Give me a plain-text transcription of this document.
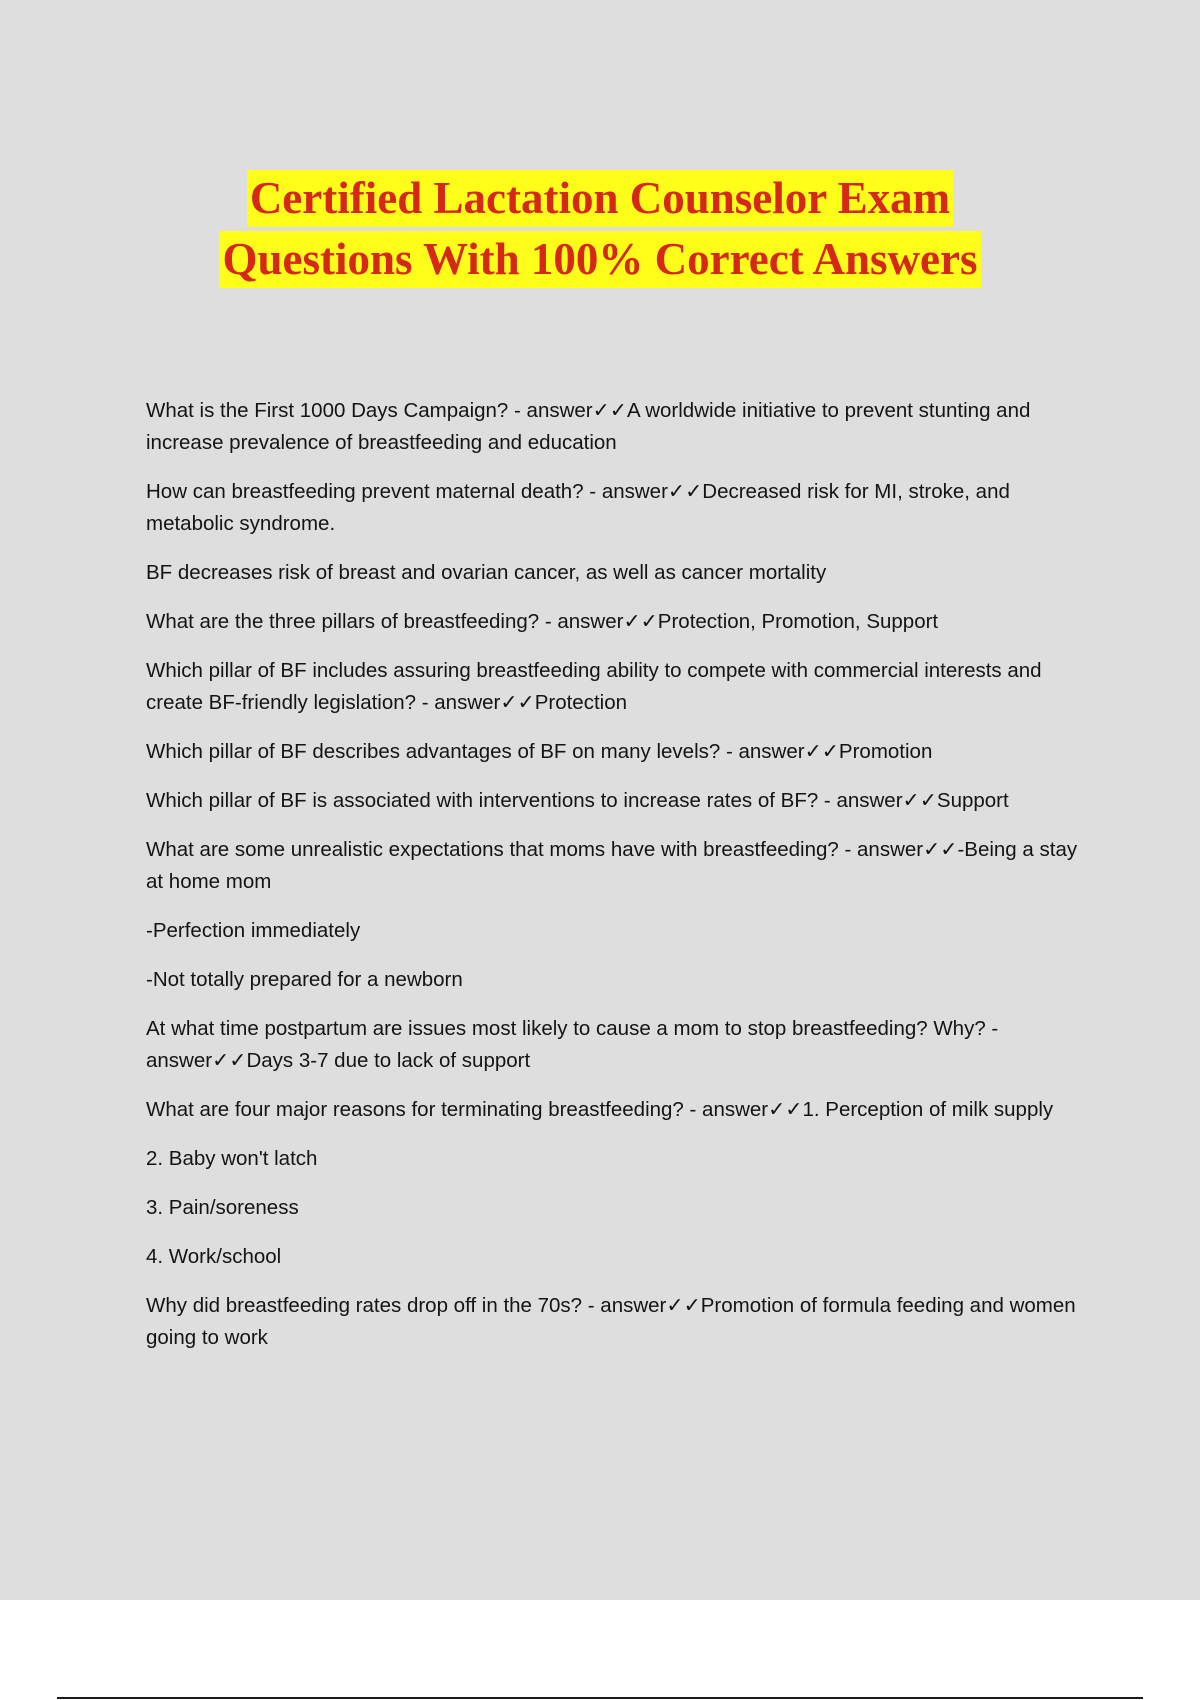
Certified Lactation Counselor Exam
Questions With 100% Correct Answers

What is the First 1000 Days Campaign? - answer✓✓A worldwide initiative to prevent stunting and increase prevalence of breastfeeding and education

How can breastfeeding prevent maternal death? - answer✓✓Decreased risk for MI, stroke, and metabolic syndrome.

BF decreases risk of breast and ovarian cancer, as well as cancer mortality

What are the three pillars of breastfeeding? - answer✓✓Protection, Promotion, Support

Which pillar of BF includes assuring breastfeeding ability to compete with commercial interests and create BF-friendly legislation? - answer✓✓Protection

Which pillar of BF describes advantages of BF on many levels? - answer✓✓Promotion

Which pillar of BF is associated with interventions to increase rates of BF? - answer✓✓Support

What are some unrealistic expectations that moms have with breastfeeding? - answer✓✓-Being a stay at home mom

-Perfection immediately

-Not totally prepared for a newborn

At what time postpartum are issues most likely to cause a mom to stop breastfeeding? Why? - answer✓✓Days 3-7 due to lack of support

What are four major reasons for terminating breastfeeding? - answer✓✓1. Perception of milk supply

2. Baby won't latch

3. Pain/soreness

4. Work/school

Why did breastfeeding rates drop off in the 70s? - answer✓✓Promotion of formula feeding and women going to work
